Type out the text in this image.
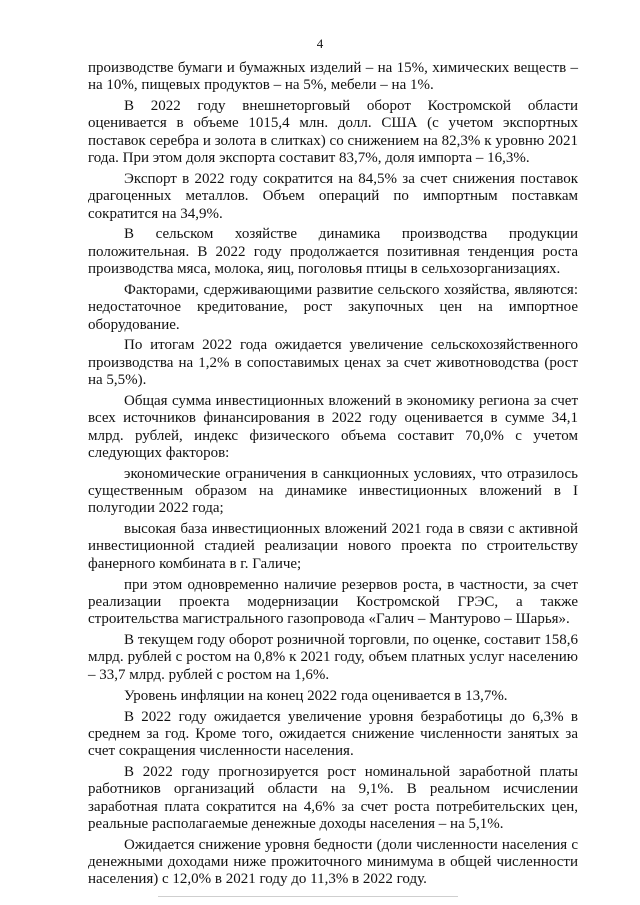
4

производстве бумаги и бумажных изделий – на 15%, химических веществ – на 10%, пищевых продуктов – на 5%, мебели – на 1%.

В 2022 году внешнеторговый оборот Костромской области оценивается в объеме 1015,4 млн. долл. США (с учетом экспортных поставок серебра и золота в слитках) со снижением на 82,3% к уровню 2021 года. При этом доля экспорта составит 83,7%, доля импорта – 16,3%.

Экспорт в 2022 году сократится на 84,5% за счет снижения поставок драгоценных металлов. Объем операций по импортным поставкам сократится на 34,9%.

В сельском хозяйстве динамика производства продукции положительная. В 2022 году продолжается позитивная тенденция роста производства мяса, молока, яиц, поголовья птицы в сельхозорганизациях.

Факторами, сдерживающими развитие сельского хозяйства, являются: недостаточное кредитование, рост закупочных цен на импортное оборудование.

По итогам 2022 года ожидается увеличение сельскохозяйственного производства на 1,2% в сопоставимых ценах за счет животноводства (рост на 5,5%).

Общая сумма инвестиционных вложений в экономику региона за счет всех источников финансирования в 2022 году оценивается в сумме 34,1 млрд. рублей, индекс физического объема составит 70,0% с учетом следующих факторов:

экономические ограничения в санкционных условиях, что отразилось существенным образом на динамике инвестиционных вложений в I полугодии 2022 года;

высокая база инвестиционных вложений 2021 года в связи с активной инвестиционной стадией реализации нового проекта по строительству фанерного комбината в г. Галиче;

при этом одновременно наличие резервов роста, в частности, за счет реализации проекта модернизации Костромской ГРЭС, а также строительства магистрального газопровода «Галич – Мантурово – Шарья».

В текущем году оборот розничной торговли, по оценке, составит 158,6 млрд. рублей с ростом на 0,8% к 2021 году, объем платных услуг населению – 33,7 млрд. рублей с ростом на 1,6%.

Уровень инфляции на конец 2022 года оценивается в 13,7%.

В 2022 году ожидается увеличение уровня безработицы до 6,3% в среднем за год. Кроме того, ожидается снижение численности занятых за счет сокращения численности населения.

В 2022 году прогнозируется рост номинальной заработной платы работников организаций области на 9,1%. В реальном исчислении заработная плата сократится на 4,6% за счет роста потребительских цен, реальные располагаемые денежные доходы населения – на 5,1%.

Ожидается снижение уровня бедности (доли численности населения с денежными доходами ниже прожиточного минимума в общей численности населения) с 12,0% в 2021 году до 11,3% в 2022 году.
